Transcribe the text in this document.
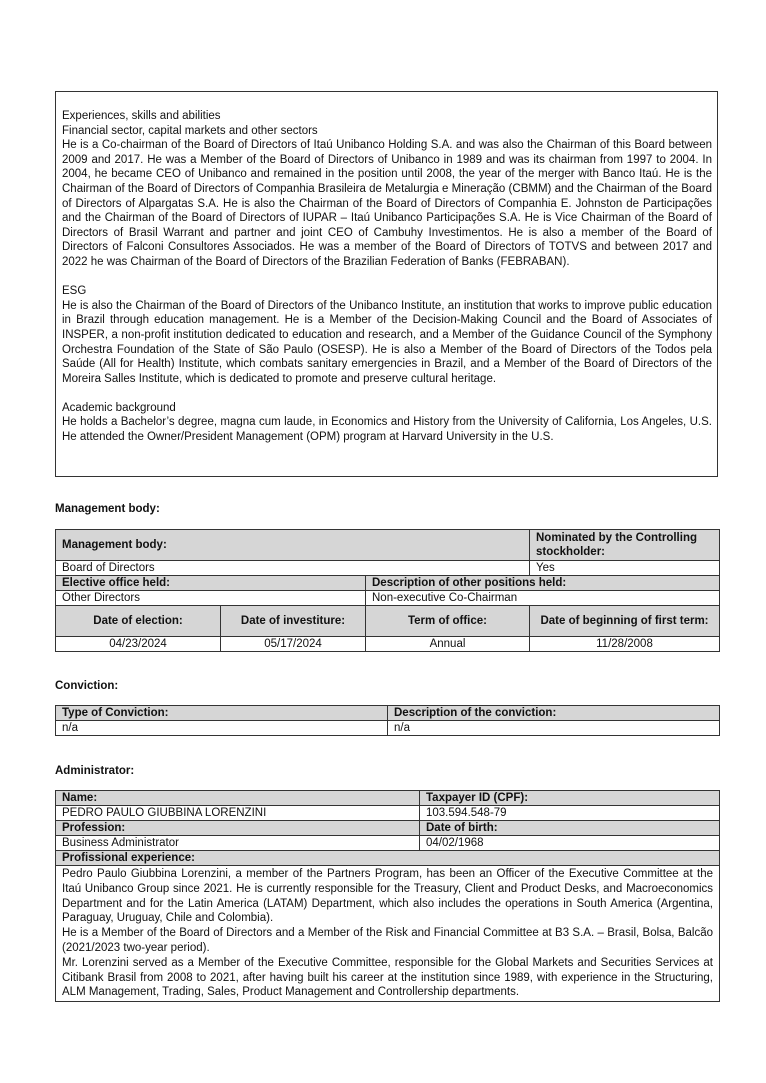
Experiences, skills and abilities

Financial sector, capital markets and other sectors

He is a Co-chairman of the Board of Directors of Itaú Unibanco Holding S.A. and was also the Chairman of this Board between 2009 and 2017. He was a Member of the Board of Directors of Unibanco in 1989 and was its chairman from 1997 to 2004. In 2004, he became CEO of Unibanco and remained in the position until 2008, the year of the merger with Banco Itaú. He is the Chairman of the Board of Directors of Companhia Brasileira de Metalurgia e Mineração (CBMM) and the Chairman of the Board of Directors of Alpargatas S.A. He is also the Chairman of the Board of Directors of Companhia E. Johnston de Participações and the Chairman of the Board of Directors of IUPAR – Itaú Unibanco Participações S.A. He is Vice Chairman of the Board of Directors of Brasil Warrant and partner and joint CEO of Cambuhy Investimentos. He is also a member of the Board of Directors of Falconi Consultores Associados. He was a member of the Board of Directors of TOTVS and between 2017 and 2022 he was Chairman of the Board of Directors of the Brazilian Federation of Banks (FEBRABAN).

ESG

He is also the Chairman of the Board of Directors of the Unibanco Institute, an institution that works to improve public education in Brazil through education management. He is a Member of the Decision-Making Council and the Board of Associates of INSPER, a non-profit institution dedicated to education and research, and a Member of the Guidance Council of the Symphony Orchestra Foundation of the State of São Paulo (OSESP). He is also a Member of the Board of Directors of the Todos pela Saúde (All for Health) Institute, which combats sanitary emergencies in Brazil, and a Member of the Board of Directors of the Moreira Salles Institute, which is dedicated to promote and preserve cultural heritage.

Academic background

He holds a Bachelor’s degree, magna cum laude, in Economics and History from the University of California, Los Angeles, U.S. He attended the Owner/President Management (OPM) program at Harvard University in the U.S.

Management body:
Management body:			Nominated by the Controlling stockholder:
Board of Directors			Yes
Elective office held:		Description of other positions held:	
Other Directors		Non-executive Co-Chairman	
Date of election:	Date of investiture:	Term of office:	Date of beginning of first term:
04/23/2024	05/17/2024	Annual	11/28/2008
Conviction:
Type of Conviction:	Description of the conviction:
n/a	n/a
Administrator:
Name:	Taxpayer ID (CPF):
PEDRO PAULO GIUBBINA LORENZINI	103.594.548-79
Profession:	Date of birth:
Business Administrator	04/02/1968
Profissional experience:	

Pedro Paulo Giubbina Lorenzini, a member of the Partners Program, has been an Officer of the Executive Committee at the Itaú Unibanco Group since 2021. He is currently responsible for the Treasury, Client and Product Desks, and Macroeconomics Department and for the Latin America (LATAM) Department, which also includes the operations in South America (Argentina, Paraguay, Uruguay, Chile and Colombia).

He is a Member of the Board of Directors and a Member of the Risk and Financial Committee at B3 S.A. – Brasil, Bolsa, Balcão (2021/2023 two-year period).

Mr. Lorenzini served as a Member of the Executive Committee, responsible for the Global Markets and Securities Services at Citibank Brasil from 2008 to 2021, after having built his career at the institution since 1989, with experience in the Structuring, ALM Management, Trading, Sales, Product Management and Controllership departments.	
